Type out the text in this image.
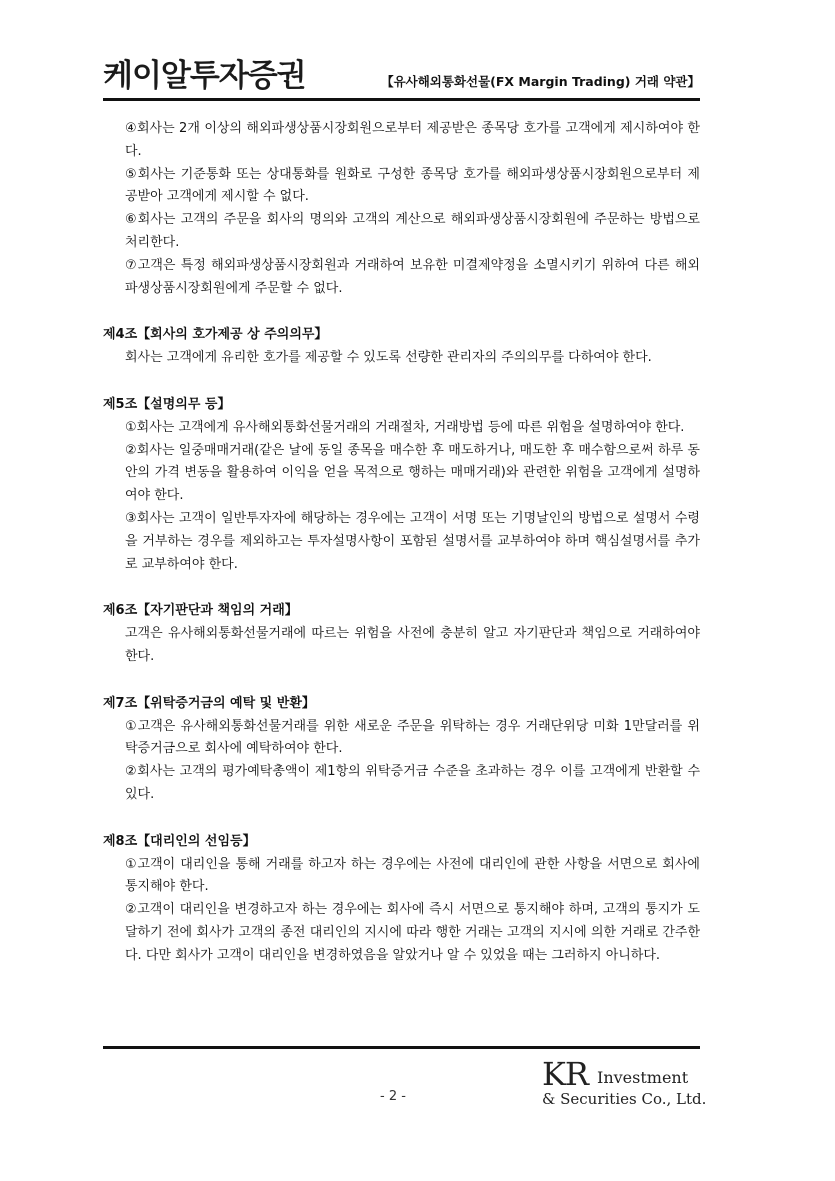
케이알투자증권	【유사해외통화선물(FX Margin Trading) 거래 약관】

④회사는 2개 이상의 해외파생상품시장회원으로부터 제공받은 종목당 호가를 고객에게 제시하여야 한다.

⑤회사는 기준통화 또는 상대통화를 원화로 구성한 종목당 호가를 해외파생상품시장회원으로부터 제공받아 고객에게 제시할 수 없다.

⑥회사는 고객의 주문을 회사의 명의와 고객의 계산으로 해외파생상품시장회원에 주문하는 방법으로 처리한다.

⑦고객은 특정 해외파생상품시장회원과 거래하여 보유한 미결제약정을 소멸시키기 위하여 다른 해외파생상품시장회원에게 주문할 수 없다.

제4조【회사의 호가제공 상 주의의무】

회사는 고객에게 유리한 호가를 제공할 수 있도록 선량한 관리자의 주의의무를 다하여야 한다.

제5조【설명의무 등】

①회사는 고객에게 유사해외통화선물거래의 거래절차, 거래방법 등에 따른 위험을 설명하여야 한다.

②회사는 일중매매거래(같은 날에 동일 종목을 매수한 후 매도하거나, 매도한 후 매수함으로써 하루 동안의 가격 변동을 활용하여 이익을 얻을 목적으로 행하는 매매거래)와 관련한 위험을 고객에게 설명하여야 한다.

③회사는 고객이 일반투자자에 해당하는 경우에는 고객이 서명 또는 기명날인의 방법으로 설명서 수령을 거부하는 경우를 제외하고는 투자설명사항이 포함된 설명서를 교부하여야 하며 핵심설명서를 추가로 교부하여야 한다.

제6조【자기판단과 책임의 거래】

고객은 유사해외통화선물거래에 따르는 위험을 사전에 충분히 알고 자기판단과 책임으로 거래하여야 한다.

제7조【위탁증거금의 예탁 및 반환】

①고객은 유사해외통화선물거래를 위한 새로운 주문을 위탁하는 경우 거래단위당 미화 1만달러를 위탁증거금으로 회사에 예탁하여야 한다.

②회사는 고객의 평가예탁총액이 제1항의 위탁증거금 수준을 초과하는 경우 이를 고객에게 반환할 수 있다.

제8조【대리인의 선임등】

①고객이 대리인을 통해 거래를 하고자 하는 경우에는 사전에 대리인에 관한 사항을 서면으로 회사에 통지해야 한다.

②고객이 대리인을 변경하고자 하는 경우에는 회사에 즉시 서면으로 통지해야 하며, 고객의 통지가 도달하기 전에 회사가 고객의 종전 대리인의 지시에 따라 행한 거래는 고객의 지시에 의한 거래로 간주한다. 다만 회사가 고객이 대리인을 변경하였음을 알았거나 알 수 있었을 때는 그러하지 아니하다.

- 2 -
KR Investment
& Securities Co., Ltd.
